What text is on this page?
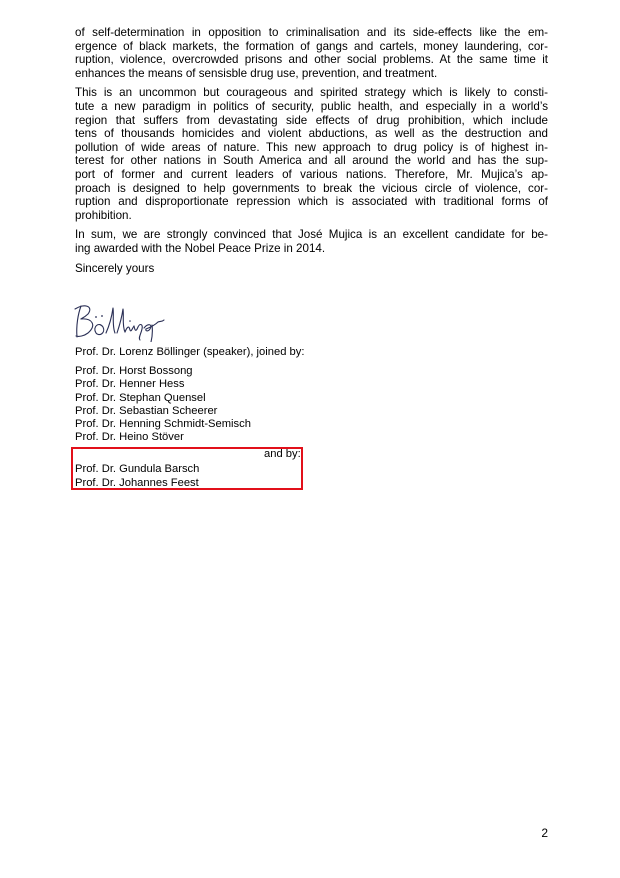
of self-determination in opposition to criminalisation and its side-effects like the em-
ergence of black markets, the formation of gangs and cartels, money laundering, cor-
ruption, violence, overcrowded prisons and other social problems. At the same time it
enhances the means of sensisble drug use, prevention, and treatment.

This is an uncommon but courageous and spirited strategy which is likely to consti-
tute a new paradigm in politics of security, public health, and especially in a world’s
region that suffers from devastating side effects of drug prohibition, which include
tens of thousands homicides and violent abductions, as well as the destruction and
pollution of wide areas of nature. This new approach to drug policy is of highest in-
terest for other nations in South America and all around the world and has the sup-
port of former and current leaders of various nations. Therefore, Mr. Mujica’s ap-
proach is designed to help governments to break the vicious circle of violence, cor-
ruption and disproportionate repression which is associated with traditional forms of
prohibition.

In sum, we are strongly convinced that José Mujica is an excellent candidate for be-
ing awarded with the Nobel Peace Prize in 2014.

Sincerely yours

Prof. Dr. Lorenz Böllinger (speaker), joined by:

Prof. Dr. Horst Bossong
Prof. Dr. Henner Hess
Prof. Dr. Stephan Quensel
Prof. Dr. Sebastian Scheerer
Prof. Dr. Henning Schmidt-Semisch
Prof. Dr. Heino Stöver
and by:
Prof. Dr. Gundula Barsch
Prof. Dr. Johannes Feest
2
